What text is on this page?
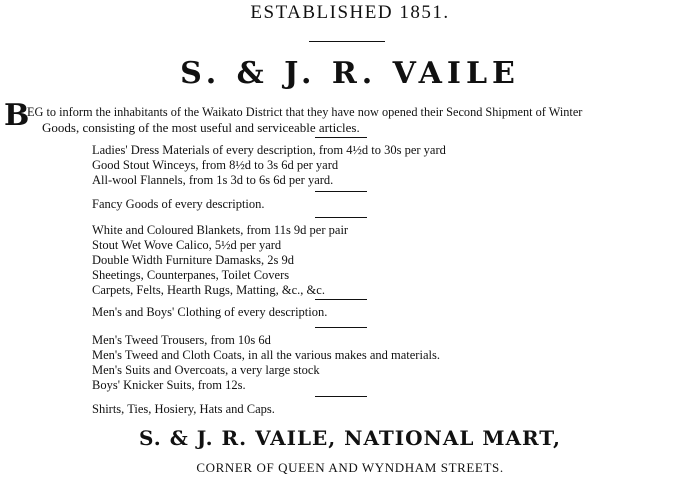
ESTABLISHED 1851.
S. & J. R. VAILE
B
EG to inform the inhabitants of the Waikato District that they have now opened their Second Shipment of Winter
Goods, consisting of the most useful and serviceable articles.
Ladies' Dress Materials of every description, from 4½d to 30s per yard
Good Stout Winceys, from 8½d to 3s 6d per yard
All-wool Flannels, from 1s 3d to 6s 6d per yard.
Fancy Goods of every description.
White and Coloured Blankets, from 11s 9d per pair
Stout Wet Wove Calico, 5½d per yard
Double Width Furniture Damasks, 2s 9d
Sheetings, Counterpanes, Toilet Covers
Carpets, Felts, Hearth Rugs, Matting, &c., &c.
Men's and Boys' Clothing of every description.
Men's Tweed Trousers, from 10s 6d
Men's Tweed and Cloth Coats, in all the various makes and materials.
Men's Suits and Overcoats, a very large stock
Boys' Knicker Suits, from 12s.
Shirts, Ties, Hosiery, Hats and Caps.
S. & J. R. VAILE, NATIONAL MART,
CORNER OF QUEEN AND WYNDHAM STREETS.
